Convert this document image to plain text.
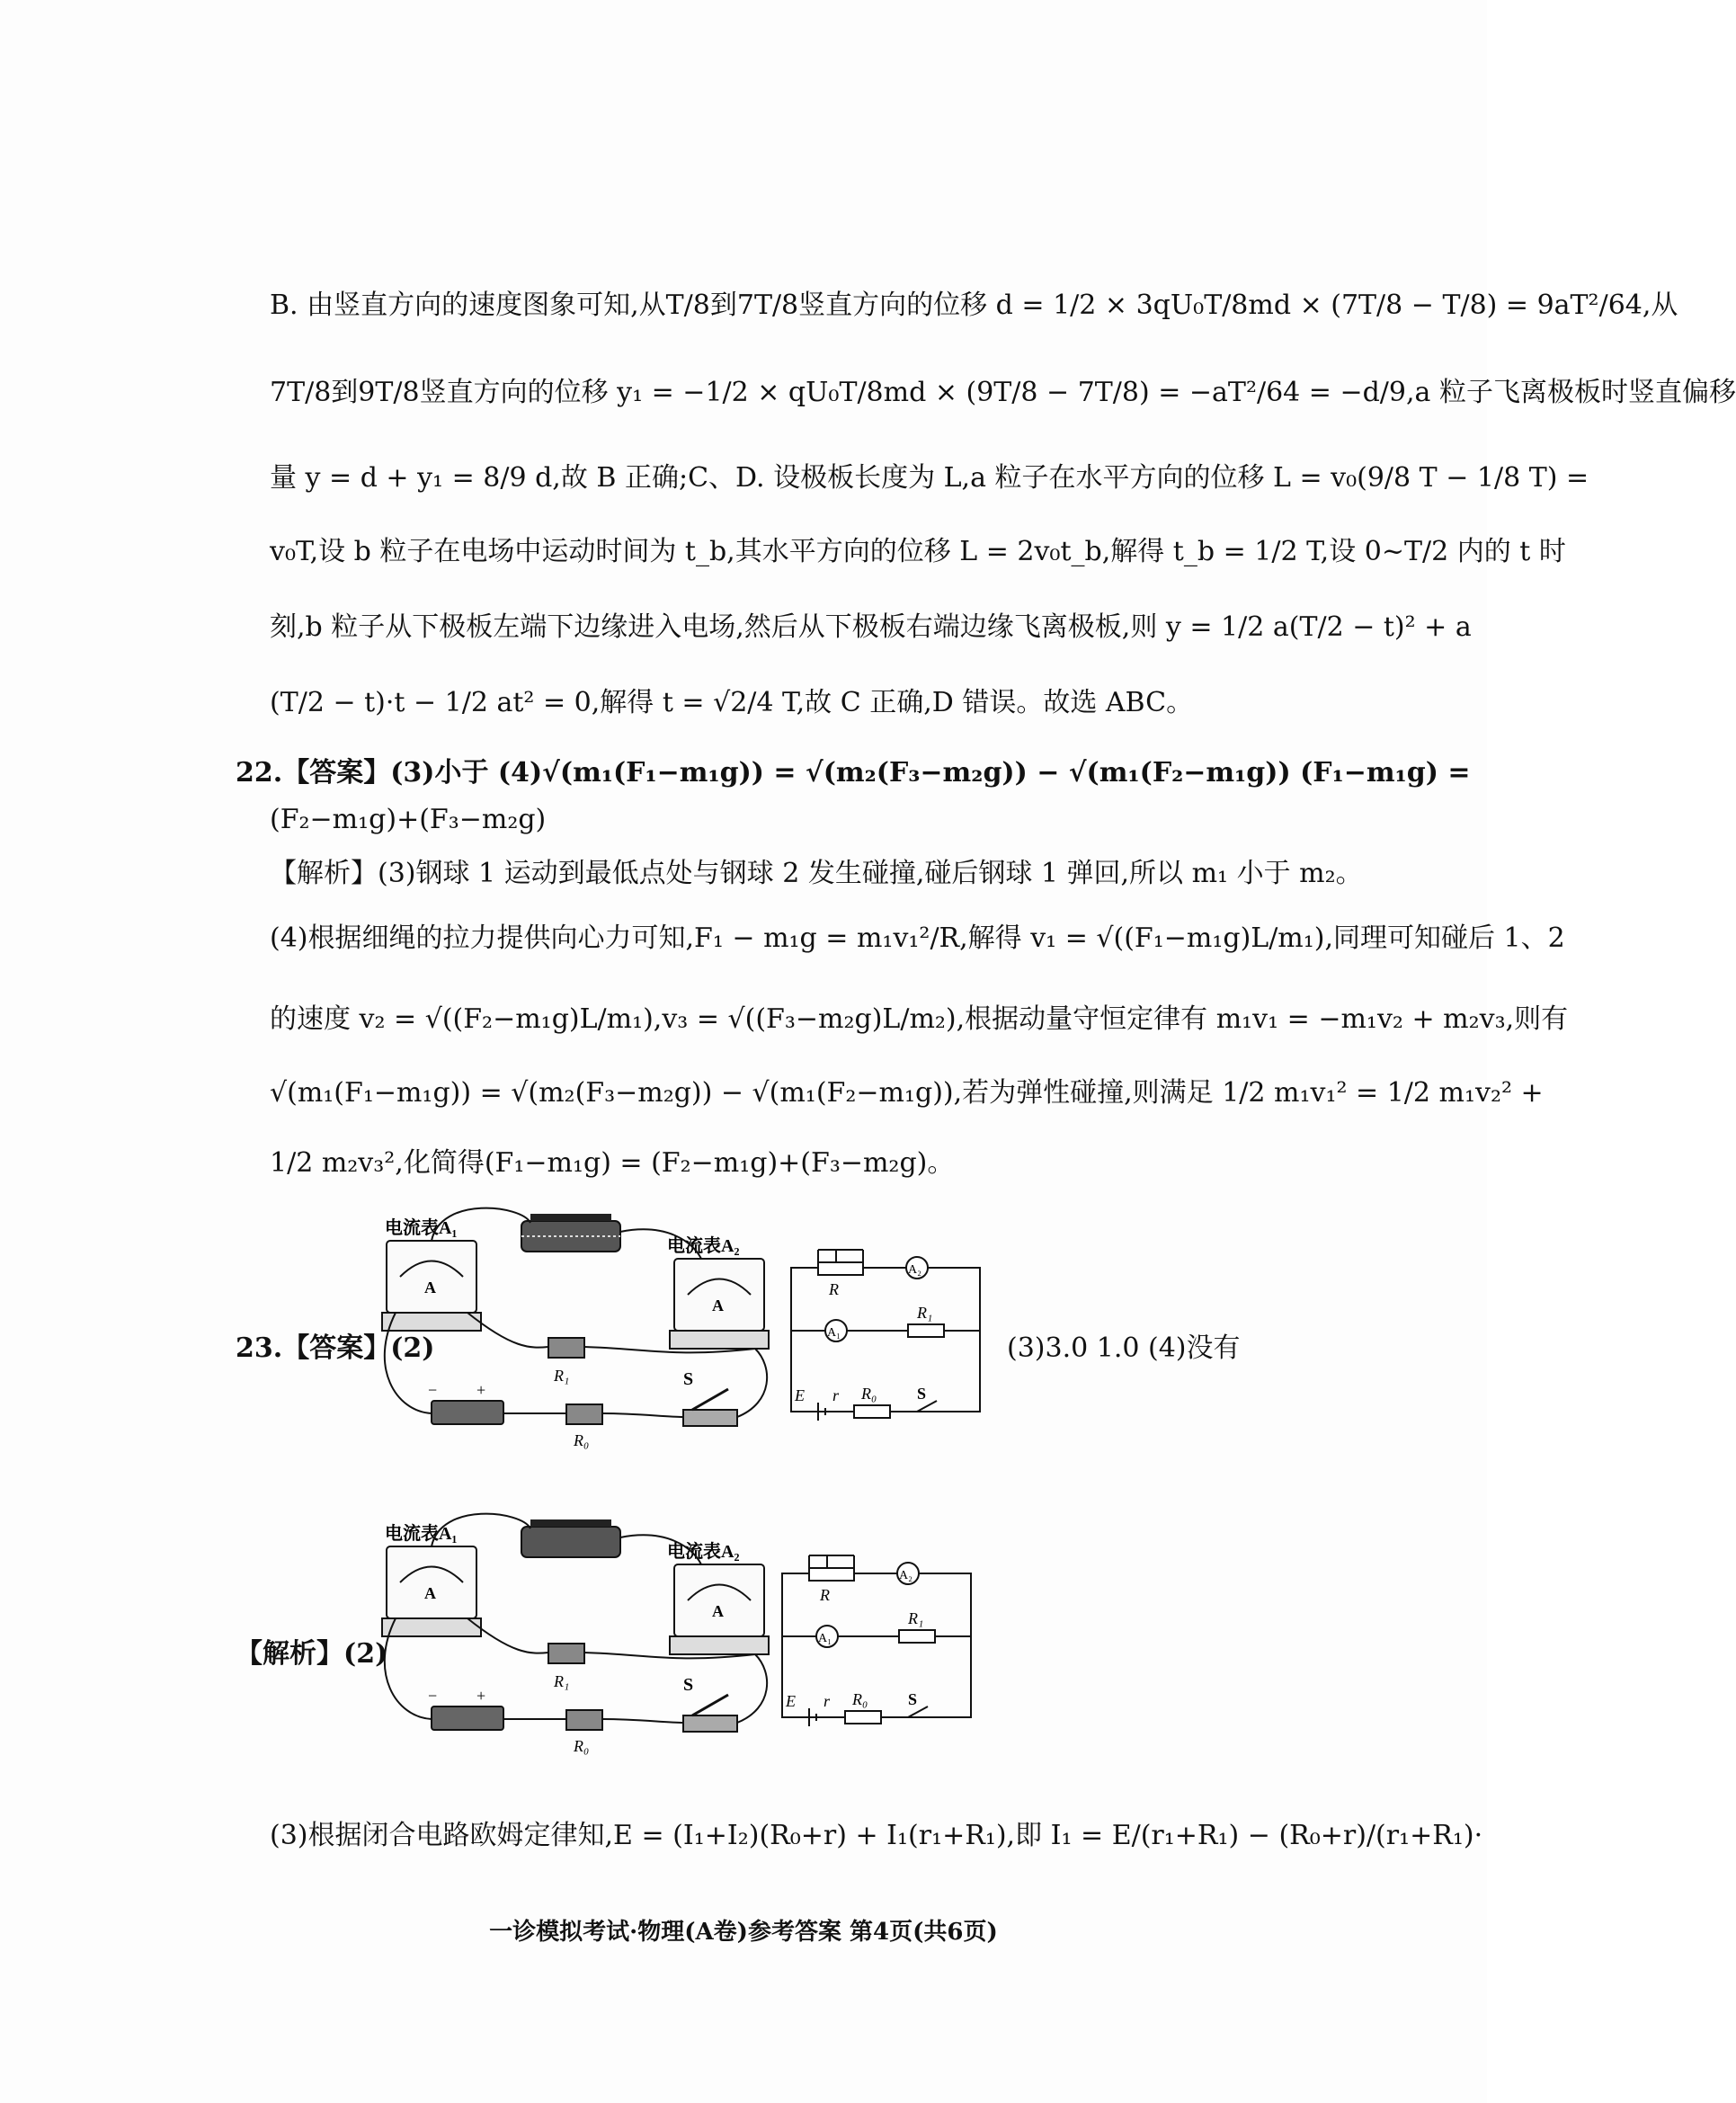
B. 由竖直方向的速度图象可知,从T/8到7T/8竖直方向的位移 d = 1/2 × 3qU₀T/8md × (7T/8 − T/8) = 9aT²/64,从
7T/8到9T/8竖直方向的位移 y₁ = −1/2 × qU₀T/8md × (9T/8 − 7T/8) = −aT²/64 = −d/9,a 粒子飞离极板时竖直偏移
量 y = d + y₁ = 8/9 d,故 B 正确;C、D. 设极板长度为 L,a 粒子在水平方向的位移 L = v₀(9/8 T − 1/8 T) =
v₀T,设 b 粒子在电场中运动时间为 t_b,其水平方向的位移 L = 2v₀t_b,解得 t_b = 1/2 T,设 0~T/2 内的 t 时
刻,b 粒子从下极板左端下边缘进入电场,然后从下极板右端边缘飞离极板,则 y = 1/2 a(T/2 − t)² + a
(T/2 − t)·t − 1/2 at² = 0,解得 t = √2/4 T,故 C 正确,D 错误。故选 ABC。
22.【答案】(3)小于 (4)√(m₁(F₁−m₁g)) = √(m₂(F₃−m₂g)) − √(m₁(F₂−m₁g)) (F₁−m₁g) =
(F₂−m₁g)+(F₃−m₂g)
【解析】(3)钢球 1 运动到最低点处与钢球 2 发生碰撞,碰后钢球 1 弹回,所以 m₁ 小于 m₂。
(4)根据细绳的拉力提供向心力可知,F₁ − m₁g = m₁v₁²/R,解得 v₁ = √((F₁−m₁g)L/m₁),同理可知碰后 1、2
的速度 v₂ = √((F₂−m₁g)L/m₁),v₃ = √((F₃−m₂g)L/m₂),根据动量守恒定律有 m₁v₁ = −m₁v₂ + m₂v₃,则有
√(m₁(F₁−m₁g)) = √(m₂(F₃−m₂g)) − √(m₁(F₂−m₁g)),若为弹性碰撞,则满足 1/2 m₁v₁² = 1/2 m₁v₂² +
1/2 m₂v₃²,化简得(F₁−m₁g) = (F₂−m₁g)+(F₃−m₂g)。
23.【答案】(2)	(3)3.0 1.0 (4)没有
电流表A₁
A
电流表A₂
A
R₁
+
−
R₀
S
R
A₂
A₁
R₁
E r R₀ S
【解析】(2)
电流表A₁
A
电流表A₂
A
R₁
+
−
R₀
S
R
A₂
A₁
R₁
E r R₀ S
(3)根据闭合电路欧姆定律知,E = (I₁+I₂)(R₀+r) + I₁(r₁+R₁),即 I₁ = E/(r₁+R₁) − (R₀+r)/(r₁+R₁)·
一诊模拟考试·物理(A卷)参考答案 第4页(共6页)
